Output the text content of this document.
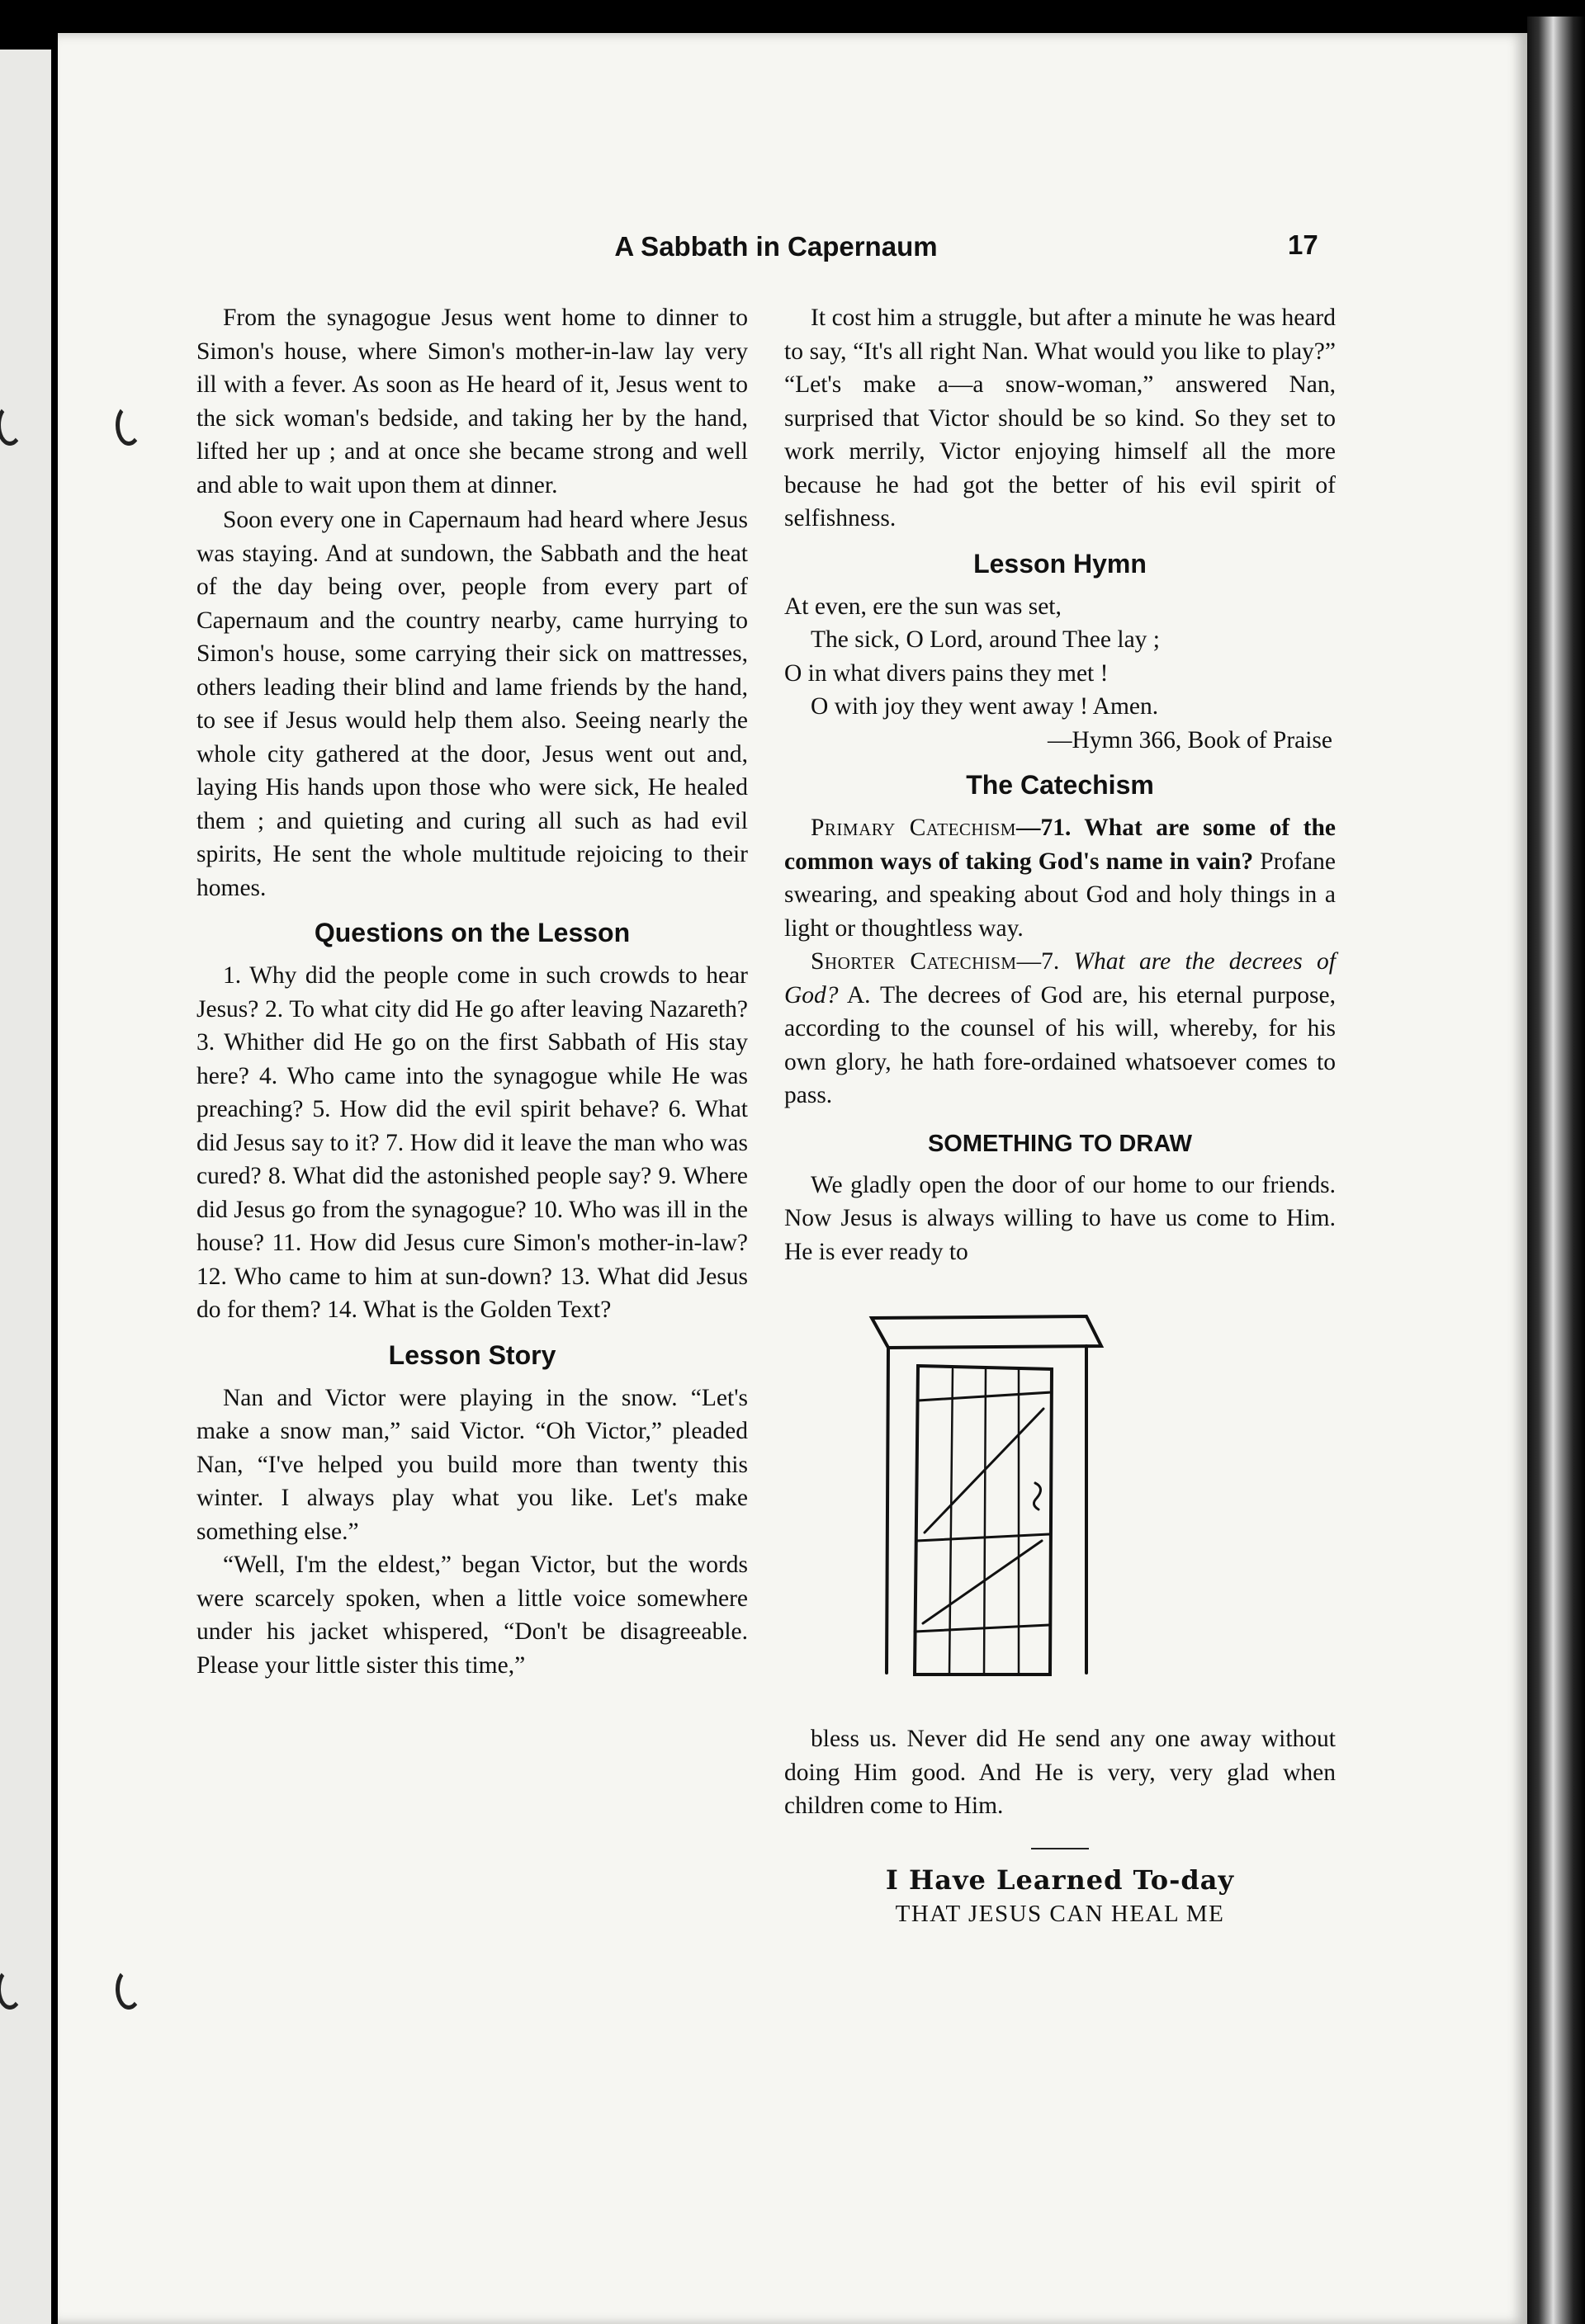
A Sabbath in Capernaum	17

From the synagogue Jesus went home to dinner to Simon's house, where Simon's mother-in-law lay very ill with a fever. As soon as He heard of it, Jesus went to the sick woman's bedside, and taking her by the hand, lifted her up ; and at once she became strong and well and able to wait upon them at dinner.

Soon every one in Capernaum had heard where Jesus was staying. And at sundown, the Sabbath and the heat of the day being over, people from every part of Capernaum and the country nearby, came hurrying to Simon's house, some carrying their sick on mattresses, others leading their blind and lame friends by the hand, to see if Jesus would help them also. Seeing nearly the whole city gathered at the door, Jesus went out and, laying His hands upon those who were sick, He healed them ; and quieting and curing all such as had evil spirits, He sent the whole multitude rejoicing to their homes.

Questions on the Lesson

1. Why did the people come in such crowds to hear Jesus? 2. To what city did He go after leaving Nazareth? 3. Whither did He go on the first Sabbath of His stay here? 4. Who came into the synagogue while He was preaching? 5. How did the evil spirit behave? 6. What did Jesus say to it? 7. How did it leave the man who was cured? 8. What did the astonished people say? 9. Where did Jesus go from the synagogue? 10. Who was ill in the house? 11. How did Jesus cure Simon's mother-in-law? 12. Who came to him at sun-down? 13. What did Jesus do for them? 14. What is the Golden Text?

Lesson Story

Nan and Victor were playing in the snow. “Let's make a snow man,” said Victor. “Oh Victor,” pleaded Nan, “I've helped you build more than twenty this winter. I always play what you like. Let's make something else.”

“Well, I'm the eldest,” began Victor, but the words were scarcely spoken, when a little voice somewhere under his jacket whispered, “Don't be disagreeable. Please your little sister this time,”

It cost him a struggle, but after a minute he was heard to say, “It's all right Nan. What would you like to play?” “Let's make a—a snow-woman,” answered Nan, surprised that Victor should be so kind. So they set to work merrily, Victor enjoying himself all the more because he had got the better of his evil spirit of selfishness.

Lesson Hymn
At even, ere the sun was set,
The sick, O Lord, around Thee lay ;
O in what divers pains they met !
O with joy they went away ! Amen.
—Hymn 366, Book of Praise
The Catechism

Primary Catechism—71. What are some of the common ways of taking God's name in vain? Profane swearing, and speaking about God and holy things in a light or thoughtless way.

Shorter Catechism—7. What are the decrees of God? A. The decrees of God are, his eternal purpose, according to the counsel of his will, whereby, for his own glory, he hath fore-ordained whatsoever comes to pass.

SOMETHING TO DRAW

We gladly open the door of our home to our friends. Now Jesus is always willing to have us come to Him. He is ever ready to

bless us. Never did He send any one away without doing Him good. And He is very, very glad when children come to Him.

I Have Learned To-day
THAT JESUS CAN HEAL ME
